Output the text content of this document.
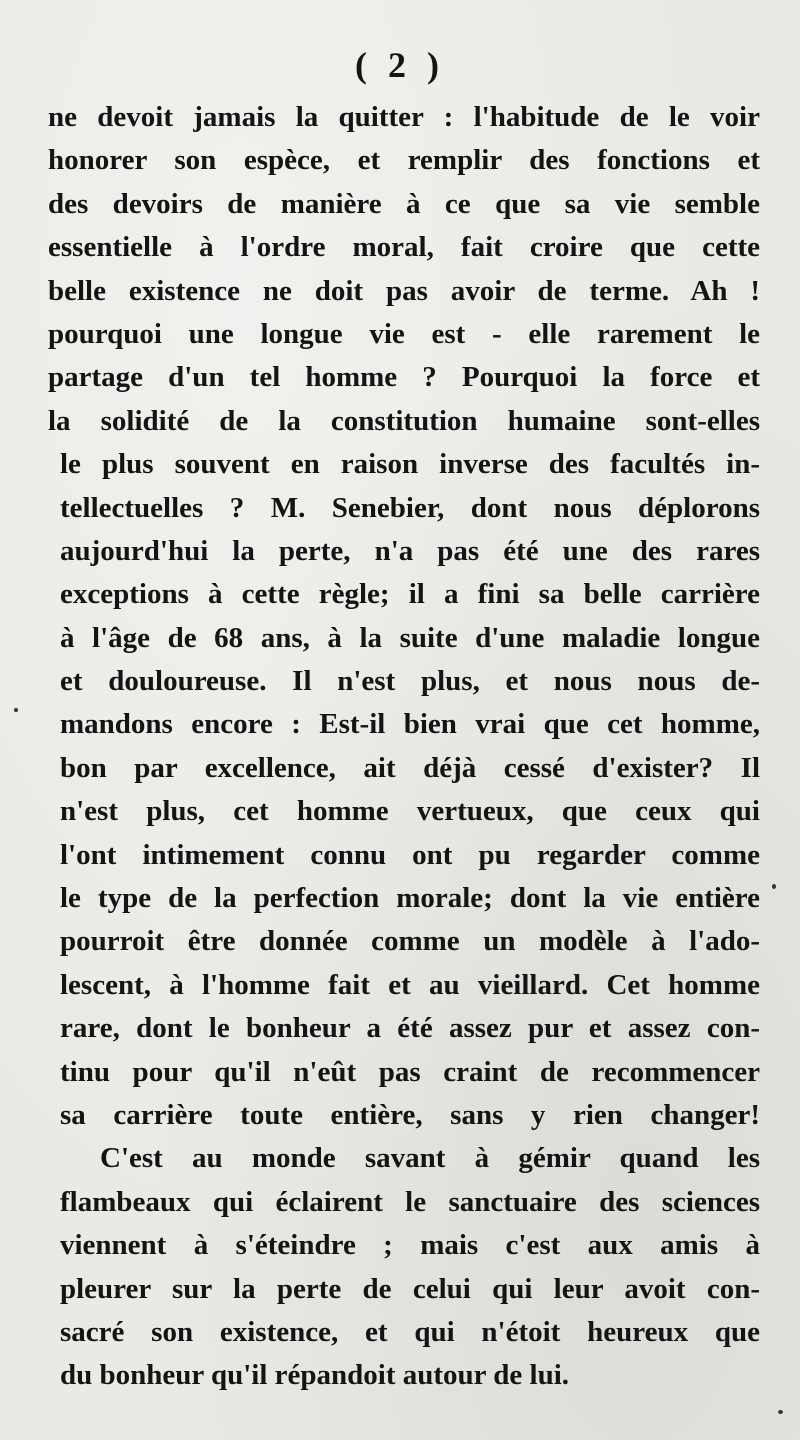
( 2 )
ne devoit jamais la quitter : l'habitude de le voir
honorer son espèce, et remplir des fonctions et
des devoirs de manière à ce que sa vie semble
essentielle à l'ordre moral, fait croire que cette
belle existence ne doit pas avoir de terme. Ah !
pourquoi une longue vie est - elle rarement le
partage d'un tel homme ? Pourquoi la force et
la solidité de la constitution humaine sont-elles
le plus souvent en raison inverse des facultés in-
tellectuelles ? M. Senebier, dont nous déplorons
aujourd'hui la perte, n'a pas été une des rares
exceptions à cette règle; il a fini sa belle carrière
à l'âge de 68 ans, à la suite d'une maladie longue
et douloureuse. Il n'est plus, et nous nous de-
mandons encore : Est-il bien vrai que cet homme,
bon par excellence, ait déjà cessé d'exister? Il
n'est plus, cet homme vertueux, que ceux qui
l'ont intimement connu ont pu regarder comme
le type de la perfection morale; dont la vie entière
pourroit être donnée comme un modèle à l'ado-
lescent, à l'homme fait et au vieillard. Cet homme
rare, dont le bonheur a été assez pur et assez con-
tinu pour qu'il n'eût pas craint de recommencer
sa carrière toute entière, sans y rien changer!
C'est au monde savant à gémir quand les
flambeaux qui éclairent le sanctuaire des sciences
viennent à s'éteindre ; mais c'est aux amis à
pleurer sur la perte de celui qui leur avoit con-
sacré son existence, et qui n'étoit heureux que
du bonheur qu'il répandoit autour de lui.
